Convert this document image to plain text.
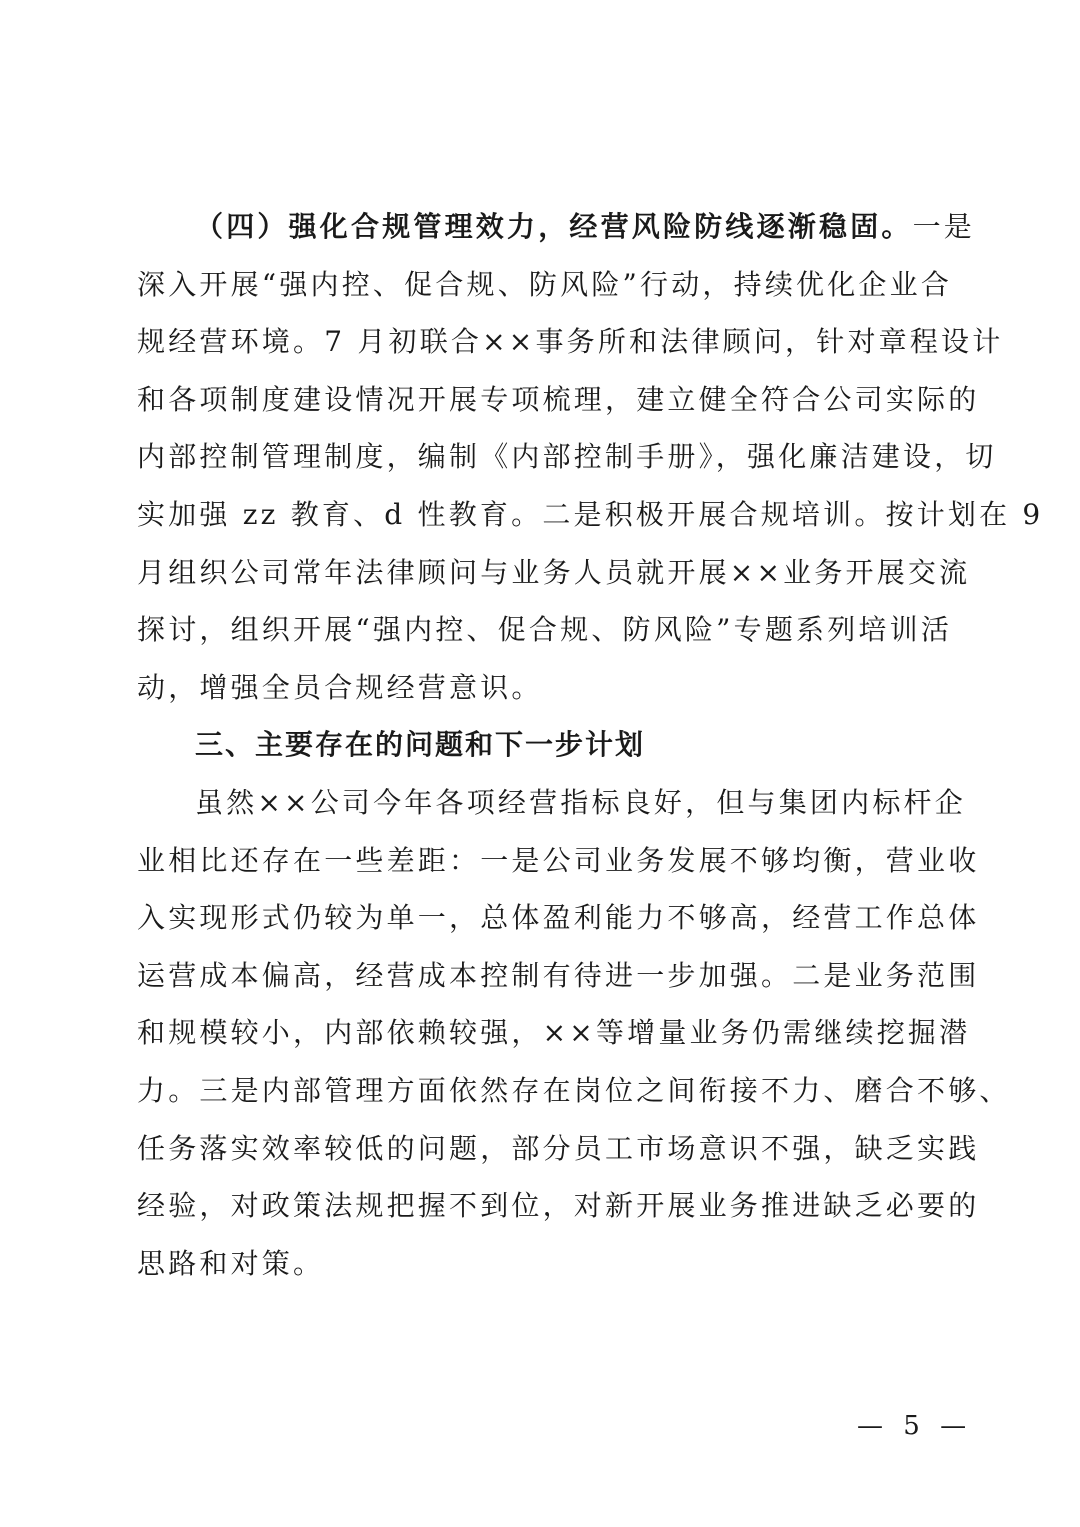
（四）强化合规管理效力，经营风险防线逐渐稳固。一是
深入开展“强内控、促合规、防风险”行动，持续优化企业合
规经营环境。7 月初联合××事务所和法律顾问，针对章程设计
和各项制度建设情况开展专项梳理，建立健全符合公司实际的
内部控制管理制度，编制《内部控制手册》，强化廉洁建设，切
实加强 zz 教育、d 性教育。二是积极开展合规培训。按计划在 9
月组织公司常年法律顾问与业务人员就开展××业务开展交流
探讨，组织开展“强内控、促合规、防风险”专题系列培训活
动，增强全员合规经营意识。
三、主要存在的问题和下一步计划
虽然××公司今年各项经营指标良好，但与集团内标杆企
业相比还存在一些差距：一是公司业务发展不够均衡，营业收
入实现形式仍较为单一，总体盈利能力不够高，经营工作总体
运营成本偏高，经营成本控制有待进一步加强。二是业务范围
和规模较小，内部依赖较强，××等增量业务仍需继续挖掘潜
力。三是内部管理方面依然存在岗位之间衔接不力、磨合不够、
任务落实效率较低的问题，部分员工市场意识不强，缺乏实践
经验，对政策法规把握不到位，对新开展业务推进缺乏必要的
思路和对策。
— 5 —
